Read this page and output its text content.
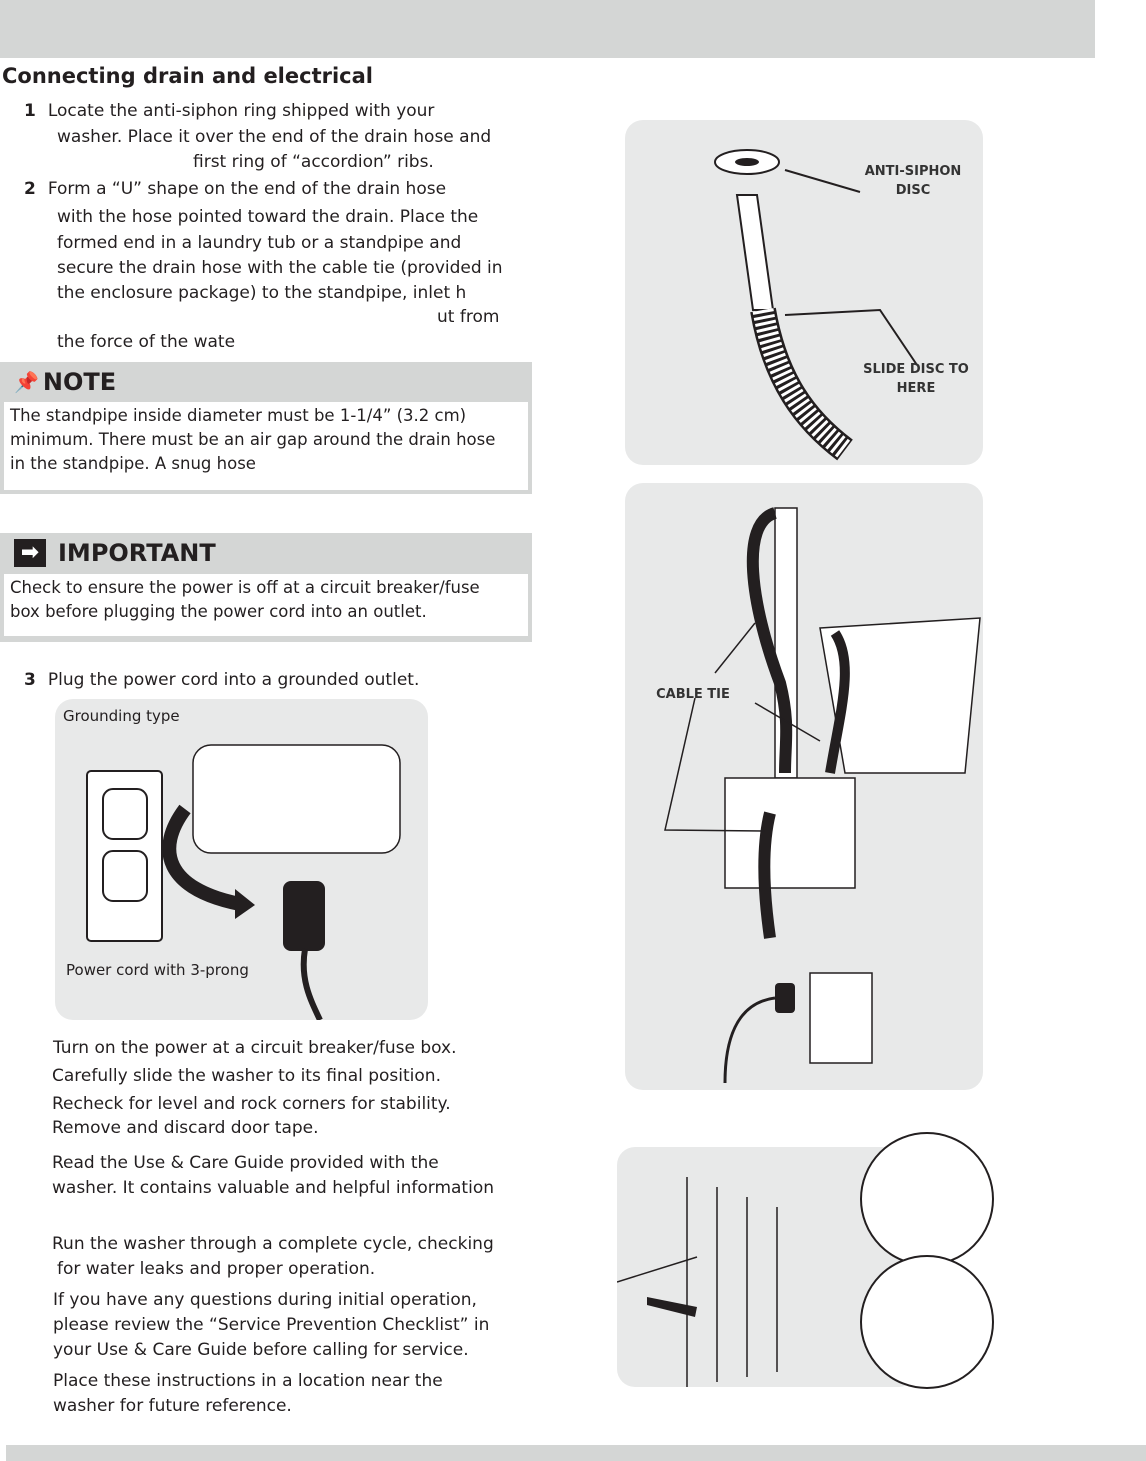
Connecting drain and electrical
1 Locate the anti-siphon ring shipped with your
washer. Place it over the end of the drain hose and
first ring of “accordion” ribs.
2 Form a “U” shape on the end of the drain hose
with the hose pointed toward the drain. Place the
formed end in a laundry tub or a standpipe and
secure the drain hose with the cable tie (provided in
the enclosure package) to the standpipe, inlet h
ut from
the force of the wate
📌 NOTE
The standpipe inside diameter must be 1-1/4” (3.2 cm)
minimum. There must be an air gap around the drain hose
in the standpipe. A snug hose
➡ IMPORTANT
Check to ensure the power is off at a circuit breaker/fuse
box before plugging the power cord into an outlet.
3 Plug the power cord into a grounded outlet.
Grounding type
Power cord with 3-prong
Turn on the power at a circuit breaker/fuse box.
Carefully slide the washer to its final position.
Recheck for level and rock corners for stability.
Remove and discard door tape.
Read the Use & Care Guide provided with the
washer. It contains valuable and helpful information
Run the washer through a complete cycle, checking
for water leaks and proper operation.
If you have any questions during initial operation,
please review the “Service Prevention Checklist” in
your Use & Care Guide before calling for service.
Place these instructions in a location near the
washer for future reference.
ANTI-SIPHON DISC
SLIDE DISC TO HERE
CABLE TIE
